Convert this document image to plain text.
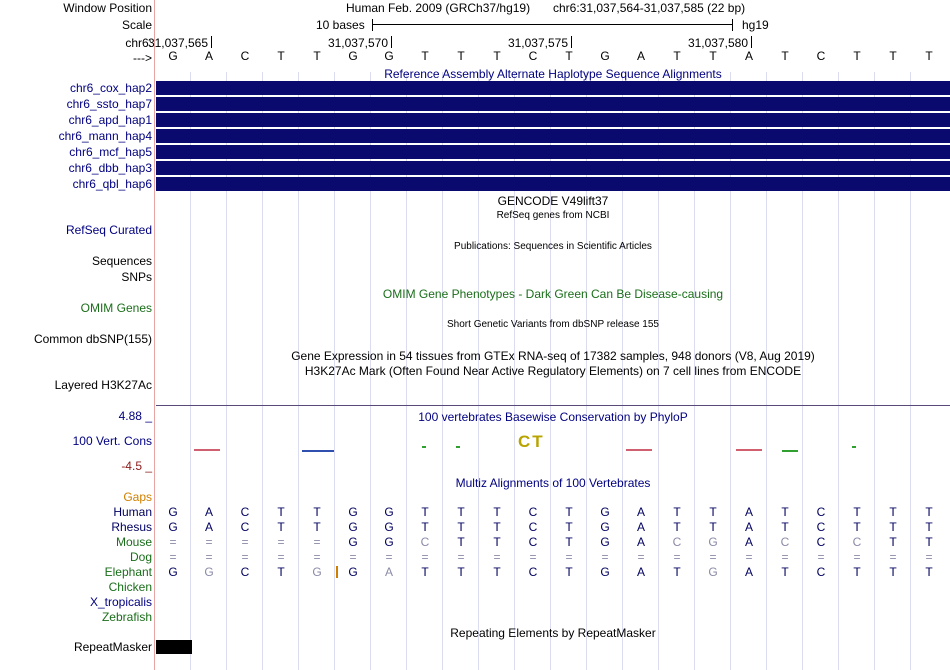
Window Position
Scale
chr6:
--->
Human Feb. 2009 (GRCh37/hg19) chr6:31,037,564-31,037,585 (22 bp)
10 bases	hg19
31,037,565	31,037,570	31,037,575	31,037,580
G	A	C	T	T	G	G	T	T	T	C	T	G	A	T	T	A	T	C	T	T	T
Reference Assembly Alternate Haplotype Sequence Alignments
chr6_cox_hap2
chr6_ssto_hap7
chr6_apd_hap1
chr6_mann_hap4
chr6_mcf_hap5
chr6_dbb_hap3
chr6_qbl_hap6
GENCODE V49lift37
RefSeq genes from NCBI
RefSeq Curated
Publications: Sequences in Scientific Articles
Sequences
SNPs
OMIM Gene Phenotypes - Dark Green Can Be Disease-causing
OMIM Genes
Short Genetic Variants from dbSNP release 155
Common dbSNP(155)
Gene Expression in 54 tissues from GTEx RNA-seq of 17382 samples, 948 donors (V8, Aug 2019)
H3K27Ac Mark (Often Found Near Active Regulatory Elements) on 7 cell lines from ENCODE
Layered H3K27Ac
100 vertebrates Basewise Conservation by PhyloP
4.88 _
100 Vert. Cons
-4.5 _
CT
Multiz Alignments of 100 Vertebrates
Gaps
Human	G	A	C	T	T	G	G	T	T	T	C	T	G	A	T	T	A	T	C	T	T	T
Rhesus	G	A	C	T	T	G	G	T	T	T	C	T	G	A	T	T	A	T	C	T	T	T
Mouse	=	=	=	=	=	G	G	C	T	T	C	T	G	A	C	G	A	C	C	C	T	T
Dog	=	=	=	=	=	=	=	=	=	=	=	=	=	=	=	=	=	=	=	=	=	=
Elephant	G	G	C	T	G	G	A	T	T	T	C	T	G	A	T	G	A	T	C	T	T	T
Chicken
X_tropicalis
Zebrafish
Repeating Elements by RepeatMasker
RepeatMasker
